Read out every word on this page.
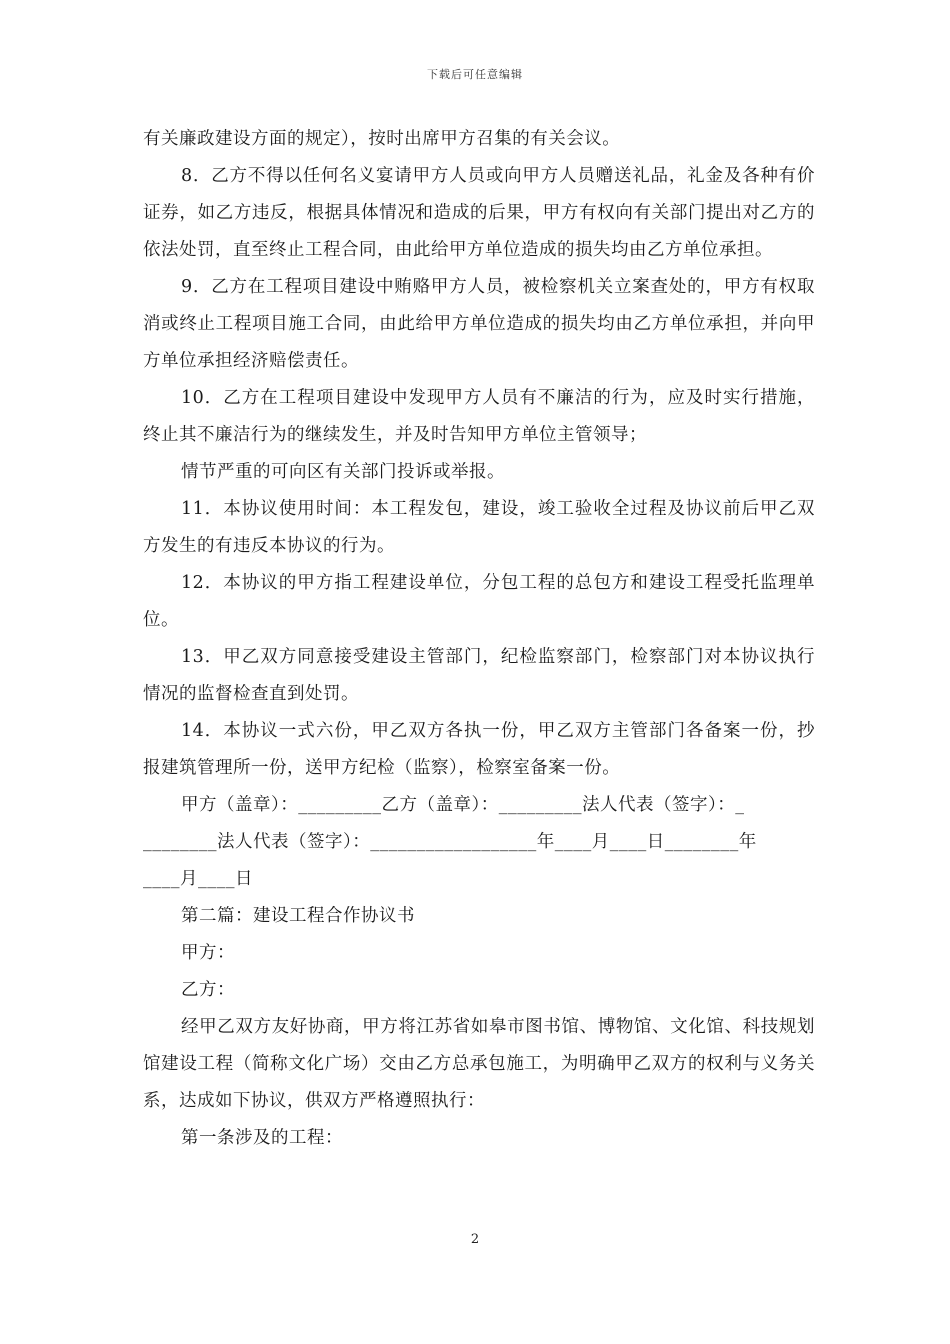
下载后可任意编辑

有关廉政建设方面的规定），按时出席甲方召集的有关会议。

8．乙方不得以任何名义宴请甲方人员或向甲方人员赠送礼品，礼金及各种有价证券，如乙方违反，根据具体情况和造成的后果，甲方有权向有关部门提出对乙方的依法处罚，直至终止工程合同，由此给甲方单位造成的损失均由乙方单位承担。

9．乙方在工程项目建设中贿赂甲方人员，被检察机关立案查处的，甲方有权取消或终止工程项目施工合同，由此给甲方单位造成的损失均由乙方单位承担，并向甲方单位承担经济赔偿责任。

10．乙方在工程项目建设中发现甲方人员有不廉洁的行为，应及时实行措施，终止其不廉洁行为的继续发生，并及时告知甲方单位主管领导；

情节严重的可向区有关部门投诉或举报。

11．本协议使用时间：本工程发包，建设，竣工验收全过程及协议前后甲乙双方发生的有违反本协议的行为。

12．本协议的甲方指工程建设单位，分包工程的总包方和建设工程受托监理单位。

13．甲乙双方同意接受建设主管部门，纪检监察部门，检察部门对本协议执行情况的监督检查直到处罚。

14．本协议一式六份，甲乙双方各执一份，甲乙双方主管部门各备案一份，抄报建筑管理所一份，送甲方纪检（监察），检察室备案一份。

甲方（盖章）：_________乙方（盖章）：_________法人代表（签字）：_

________法人代表（签字）：__________________年____月____日________年

____月____日

第二篇：建设工程合作协议书

甲方：

乙方：

经甲乙双方友好协商，甲方将江苏省如皋市图书馆、博物馆、文化馆、科技规划馆建设工程（简称文化广场）交由乙方总承包施工，为明确甲乙双方的权利与义务关系，达成如下协议，供双方严格遵照执行：

第一条涉及的工程：

2
